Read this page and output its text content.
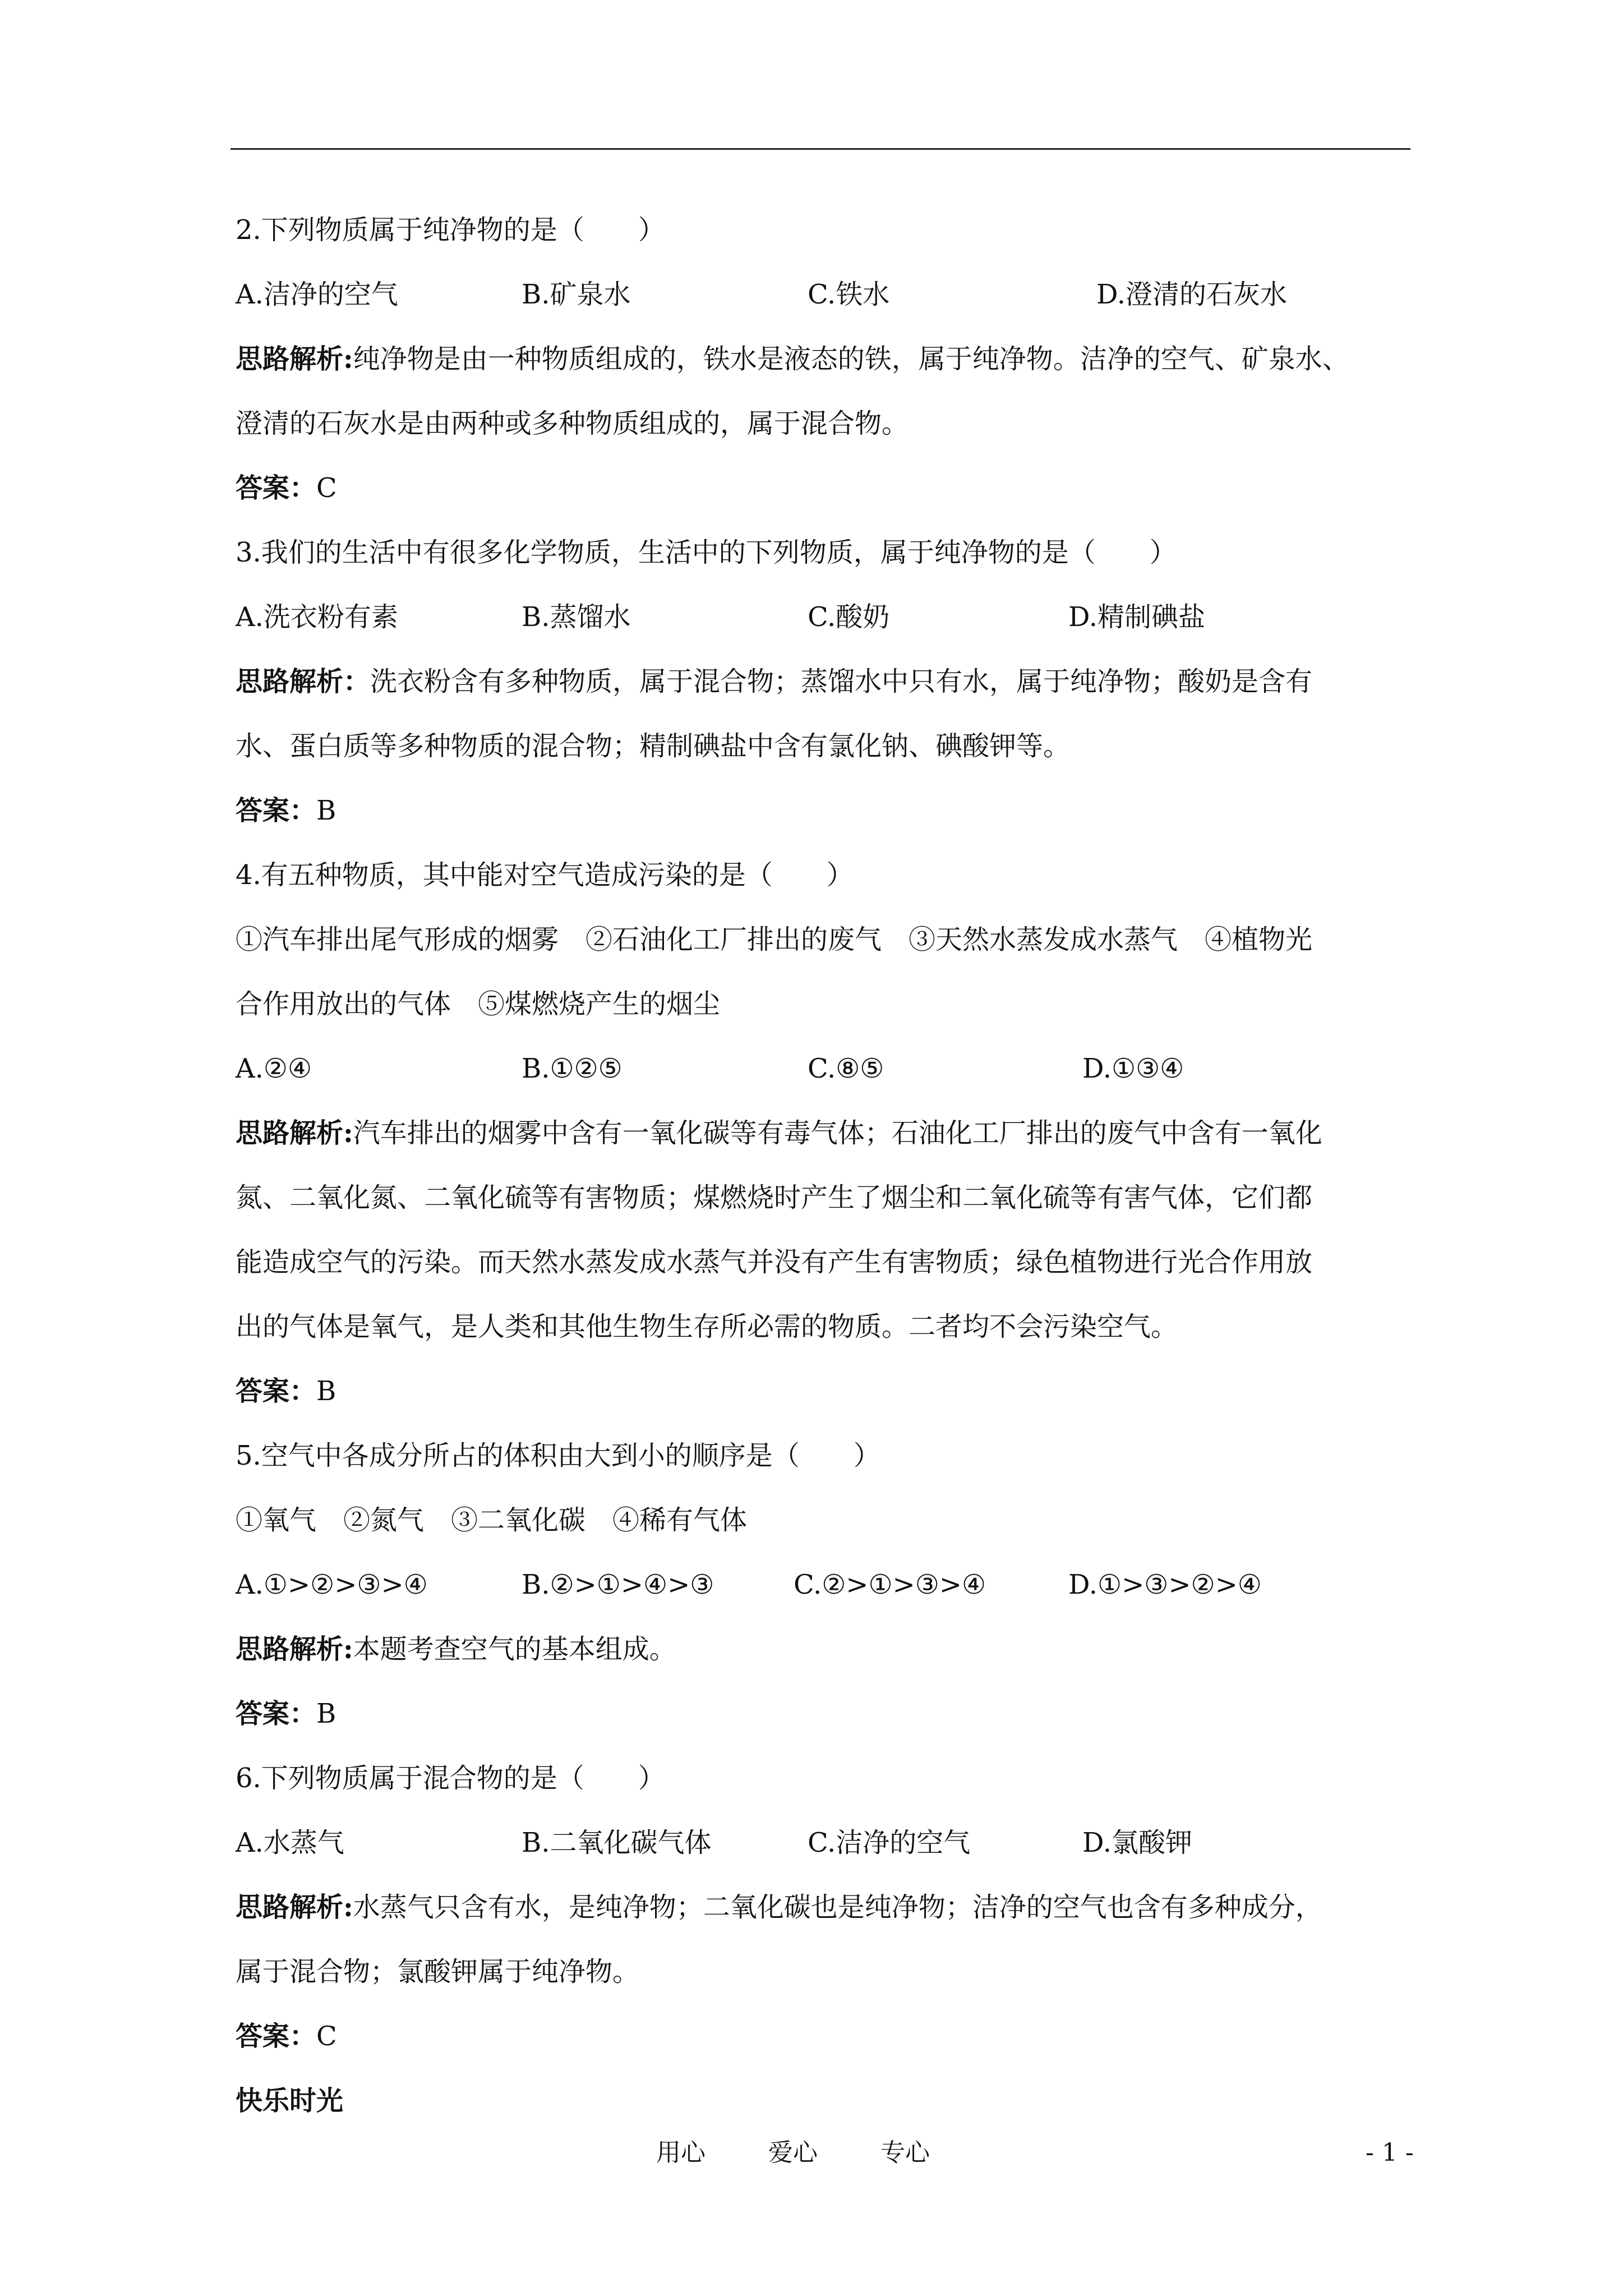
2.下列物质属于纯净物的是（　　）
A.洁净的空气	B.矿泉水	C.铁水	D.澄清的石灰水
思路解析:纯净物是由一种物质组成的，铁水是液态的铁，属于纯净物。洁净的空气、矿泉水、
澄清的石灰水是由两种或多种物质组成的，属于混合物。
答案：C
3.我们的生活中有很多化学物质，生活中的下列物质，属于纯净物的是（　　）
A.洗衣粉有素	B.蒸馏水	C.酸奶	D.精制碘盐
思路解析：洗衣粉含有多种物质，属于混合物；蒸馏水中只有水，属于纯净物；酸奶是含有
水、蛋白质等多种物质的混合物；精制碘盐中含有氯化钠、碘酸钾等。
答案：B
4.有五种物质，其中能对空气造成污染的是（　　）
①汽车排出尾气形成的烟雾　②石油化工厂排出的废气　③天然水蒸发成水蒸气　④植物光
合作用放出的气体　⑤煤燃烧产生的烟尘
A.②④	B.①②⑤	C.⑧⑤	D.①③④
思路解析:汽车排出的烟雾中含有一氧化碳等有毒气体；石油化工厂排出的废气中含有一氧化
氮、二氧化氮、二氧化硫等有害物质；煤燃烧时产生了烟尘和二氧化硫等有害气体，它们都
能造成空气的污染。而天然水蒸发成水蒸气并没有产生有害物质；绿色植物进行光合作用放
出的气体是氧气，是人类和其他生物生存所必需的物质。二者均不会污染空气。
答案：B
5.空气中各成分所占的体积由大到小的顺序是（　　）
①氧气　②氮气　③二氧化碳　④稀有气体
A.①>②>③>④	B.②>①>④>③	C.②>①>③>④	D.①>③>②>④
思路解析:本题考查空气的基本组成。
答案：B
6.下列物质属于混合物的是（　　）
A.水蒸气	B.二氧化碳气体	C.洁净的空气	D.氯酸钾
思路解析:水蒸气只含有水，是纯净物；二氧化碳也是纯净物；洁净的空气也含有多种成分，
属于混合物；氯酸钾属于纯净物。
答案：C
快乐时光
用心	爱心	专心	- 1 -
